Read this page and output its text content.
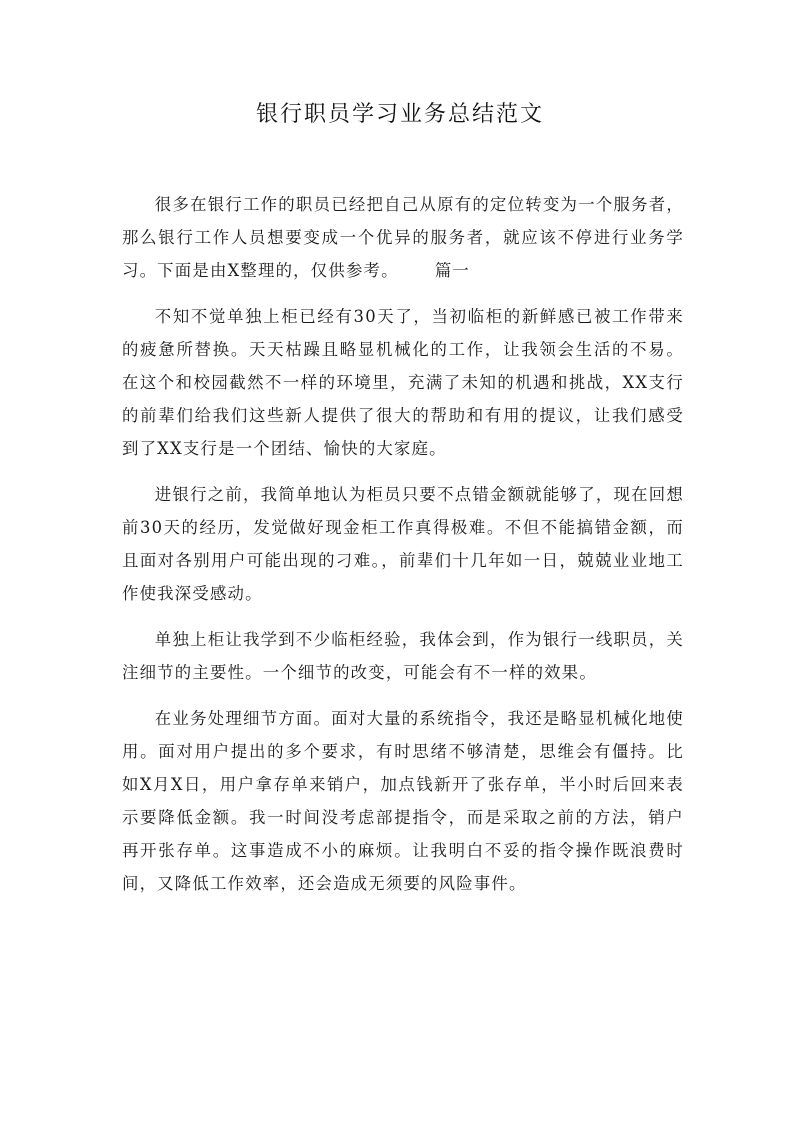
银行职员学习业务总结范文

很多在银行工作的职员已经把自己从原有的定位转变为一个服务者，那么银行工作人员想要变成一个优异的服务者，就应该不停进行业务学习。下面是由X整理的，仅供参考。 篇一

不知不觉单独上柜已经有30天了，当初临柜的新鲜感已被工作带来的疲惫所替换。天天枯躁且略显机械化的工作，让我领会生活的不易。在这个和校园截然不一样的环境里，充满了未知的机遇和挑战，XX支行的前辈们给我们这些新人提供了很大的帮助和有用的提议，让我们感受到了XX支行是一个团结、愉快的大家庭。

进银行之前，我简单地认为柜员只要不点错金额就能够了，现在回想前30天的经历，发觉做好现金柜工作真得极难。不但不能搞错金额，而且面对各别用户可能出现的刁难。，前辈们十几年如一日，兢兢业业地工作使我深受感动。

单独上柜让我学到不少临柜经验，我体会到，作为银行一线职员，关注细节的主要性。一个细节的改变，可能会有不一样的效果。

在业务处理细节方面。面对大量的系统指令，我还是略显机械化地使用。面对用户提出的多个要求，有时思绪不够清楚，思维会有僵持。比如X月X日，用户拿存单来销户，加点钱新开了张存单，半小时后回来表示要降低金额。我一时间没考虑部提指令，而是采取之前的方法，销户再开张存单。这事造成不小的麻烦。让我明白不妥的指令操作既浪费时间，又降低工作效率，还会造成无须要的风险事件。
